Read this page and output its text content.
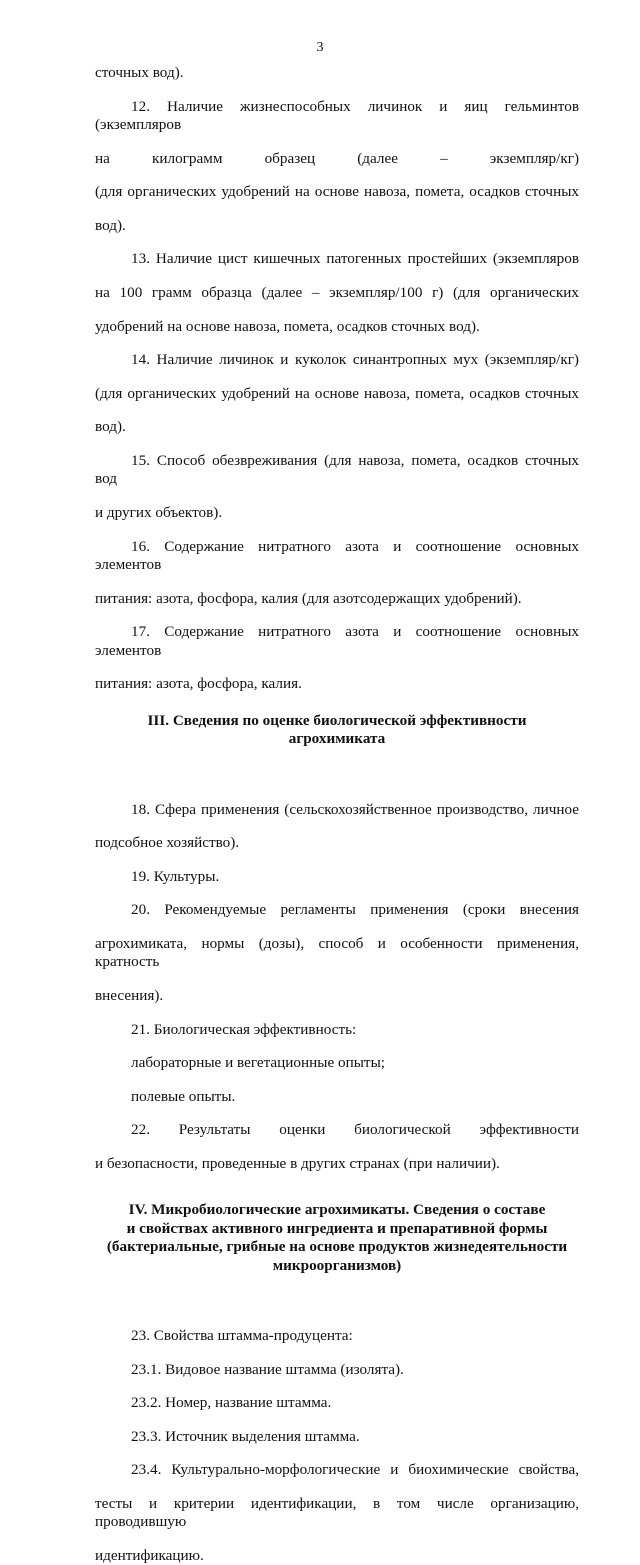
3

сточных вод).

12. Наличие жизнеспособных личинок и яиц гельминтов (экземпляров

на килограмм образец (далее – экземпляр/кг)

(для органических удобрений на основе навоза, помета, осадков сточных

вод).

13. Наличие цист кишечных патогенных простейших (экземпляров

на 100 грамм образца (далее – экземпляр/100 г) (для органических

удобрений на основе навоза, помета, осадков сточных вод).

14. Наличие личинок и куколок синантропных мух (экземпляр/кг)

(для органических удобрений на основе навоза, помета, осадков сточных

вод).

15. Способ обезвреживания (для навоза, помета, осадков сточных вод

и других объектов).

16. Содержание нитратного азота и соотношение основных элементов

питания: азота, фосфора, калия (для азотсодержащих удобрений).

17. Содержание нитратного азота и соотношение основных элементов

питания: азота, фосфора, калия.

III. Сведения по оценке биологической эффективности

агрохимиката

18. Сфера применения (сельскохозяйственное производство, личное

подсобное хозяйство).

19. Культуры.

20. Рекомендуемые регламенты применения (сроки внесения

агрохимиката, нормы (дозы), способ и особенности применения, кратность

внесения).

21. Биологическая эффективность:

лабораторные и вегетационные опыты;

полевые опыты.

22. Результаты оценки биологической эффективности

и безопасности, проведенные в других странах (при наличии).

IV. Микробиологические агрохимикаты. Сведения о составе

и свойствах активного ингредиента и препаративной формы

(бактериальные, грибные на основе продуктов жизнедеятельности

микроорганизмов)

23. Свойства штамма-продуцента:

23.1. Видовое название штамма (изолята).

23.2. Номер, название штамма.

23.3. Источник выделения штамма.

23.4. Культурально-морфологические и биохимические свойства,

тесты и критерии идентификации, в том числе организацию, проводившую

идентификацию.
